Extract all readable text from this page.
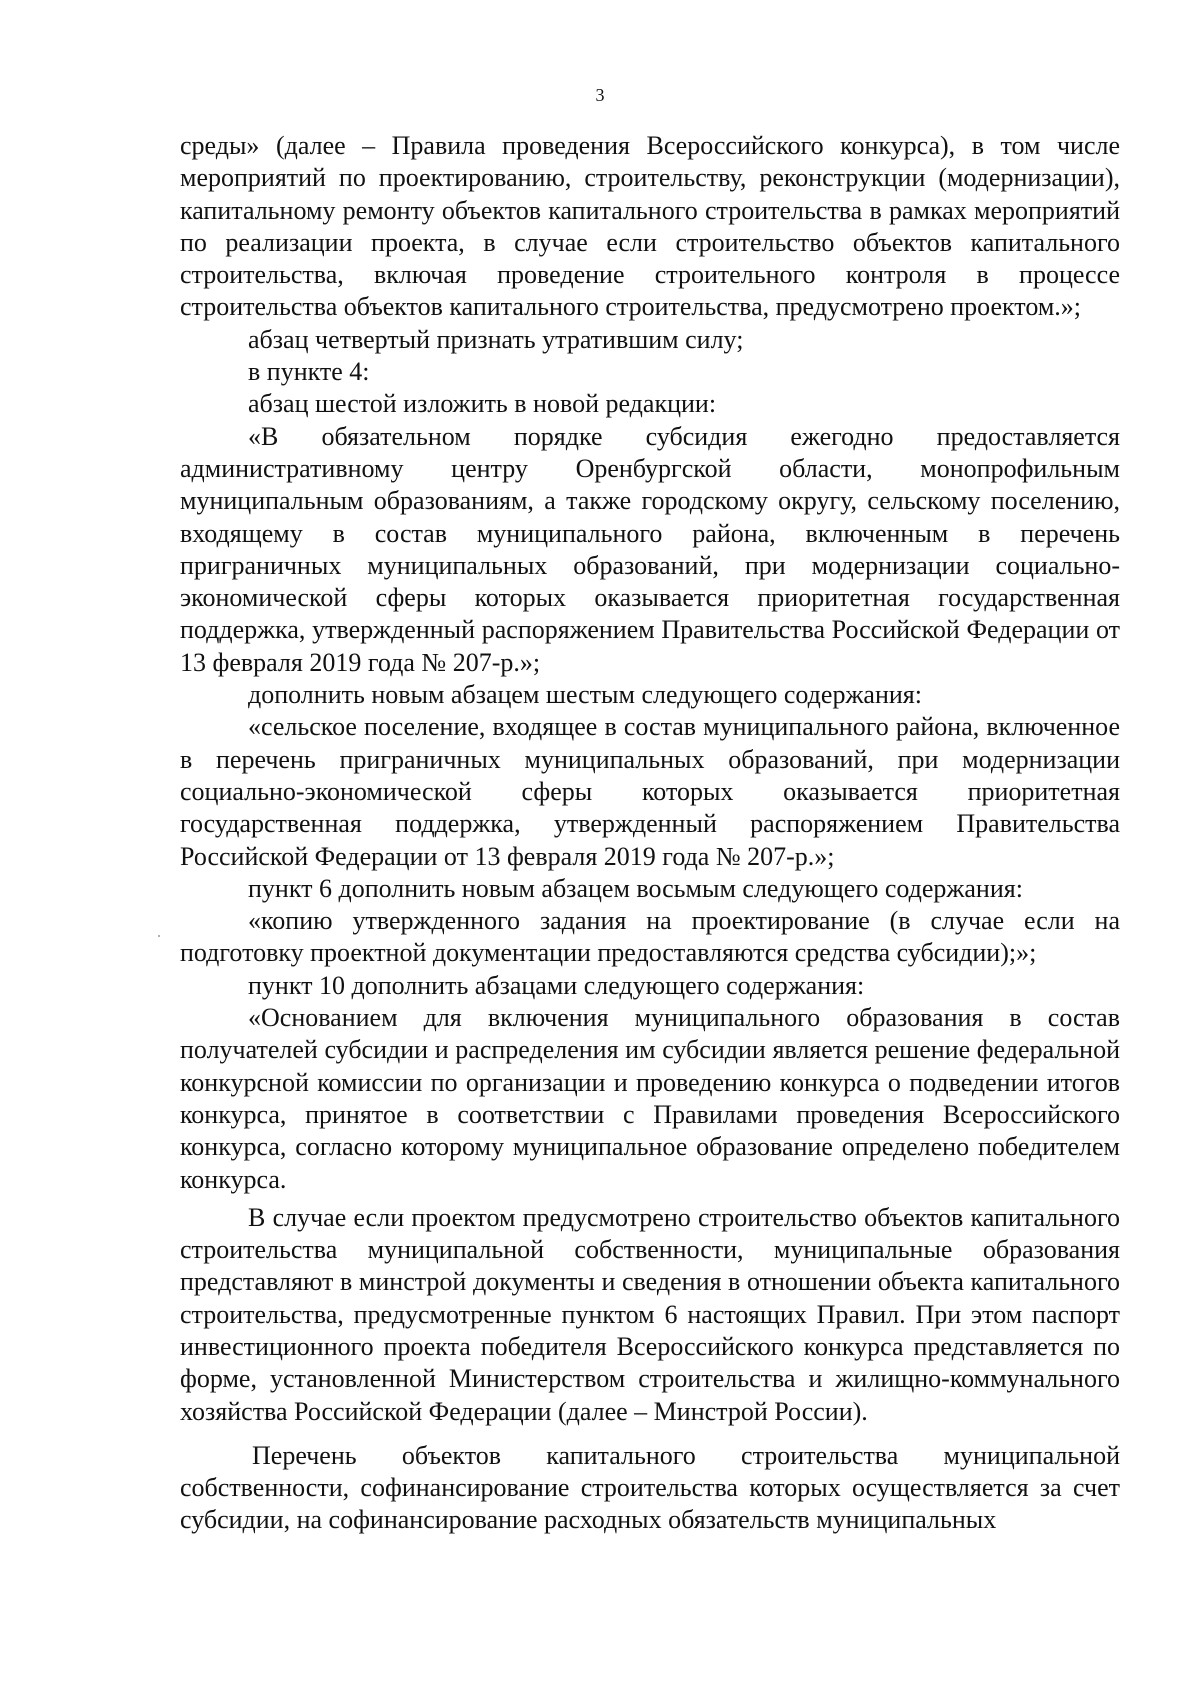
3

среды» (далее – Правила проведения Всероссийского конкурса), в том числе мероприятий по проектированию, строительству, реконструкции (модернизации), капитальному ремонту объектов капитального строительства в рамках мероприятий по реализации проекта, в случае если строительство объектов капитального строительства, включая проведение строительного контроля в процессе строительства объектов капитального строительства, предусмотрено проектом.»;

абзац четвертый признать утратившим силу;

в пункте 4:

абзац шестой изложить в новой редакции:

«В обязательном порядке субсидия ежегодно предоставляется административному центру Оренбургской области, монопрофильным муниципальным образованиям, а также городскому округу, сельскому поселению, входящему в состав муниципального района, включенным в перечень приграничных муниципальных образований, при модернизации социально-экономической сферы которых оказывается приоритетная государственная поддержка, утвержденный распоряжением Правительства Российской Федерации от 13 февраля 2019 года № 207-р.»;

дополнить новым абзацем шестым следующего содержания:

«сельское поселение, входящее в состав муниципального района, включенное в перечень приграничных муниципальных образований, при модернизации социально-экономической сферы которых оказывается приоритетная государственная поддержка, утвержденный распоряжением Правительства Российской Федерации от 13 февраля 2019 года № 207-р.»;

пункт 6 дополнить новым абзацем восьмым следующего содержания:

«копию утвержденного задания на проектирование (в случае если на подготовку проектной документации предоставляются средства субсидии);»;

пункт 10 дополнить абзацами следующего содержания:

«Основанием для включения муниципального образования в состав получателей субсидии и распределения им субсидии является решение федеральной конкурсной комиссии по организации и проведению конкурса о подведении итогов конкурса, принятое в соответствии с Правилами проведения Всероссийского конкурса, согласно которому муниципальное образование определено победителем конкурса.

В случае если проектом предусмотрено строительство объектов капитального строительства муниципальной собственности, муниципальные образования представляют в минстрой документы и сведения в отношении объекта капитального строительства, предусмотренные пунктом 6 настоящих Правил. При этом паспорт инвестиционного проекта победителя Всероссийского конкурса представляется по форме, установленной Министерством строительства и жилищно-коммунального хозяйства Российской Федерации (далее – Минстрой России).

Перечень объектов капитального строительства муниципальной собственности, софинансирование строительства которых осуществляется за счет субсидии, на софинансирование расходных обязательств муниципальных
